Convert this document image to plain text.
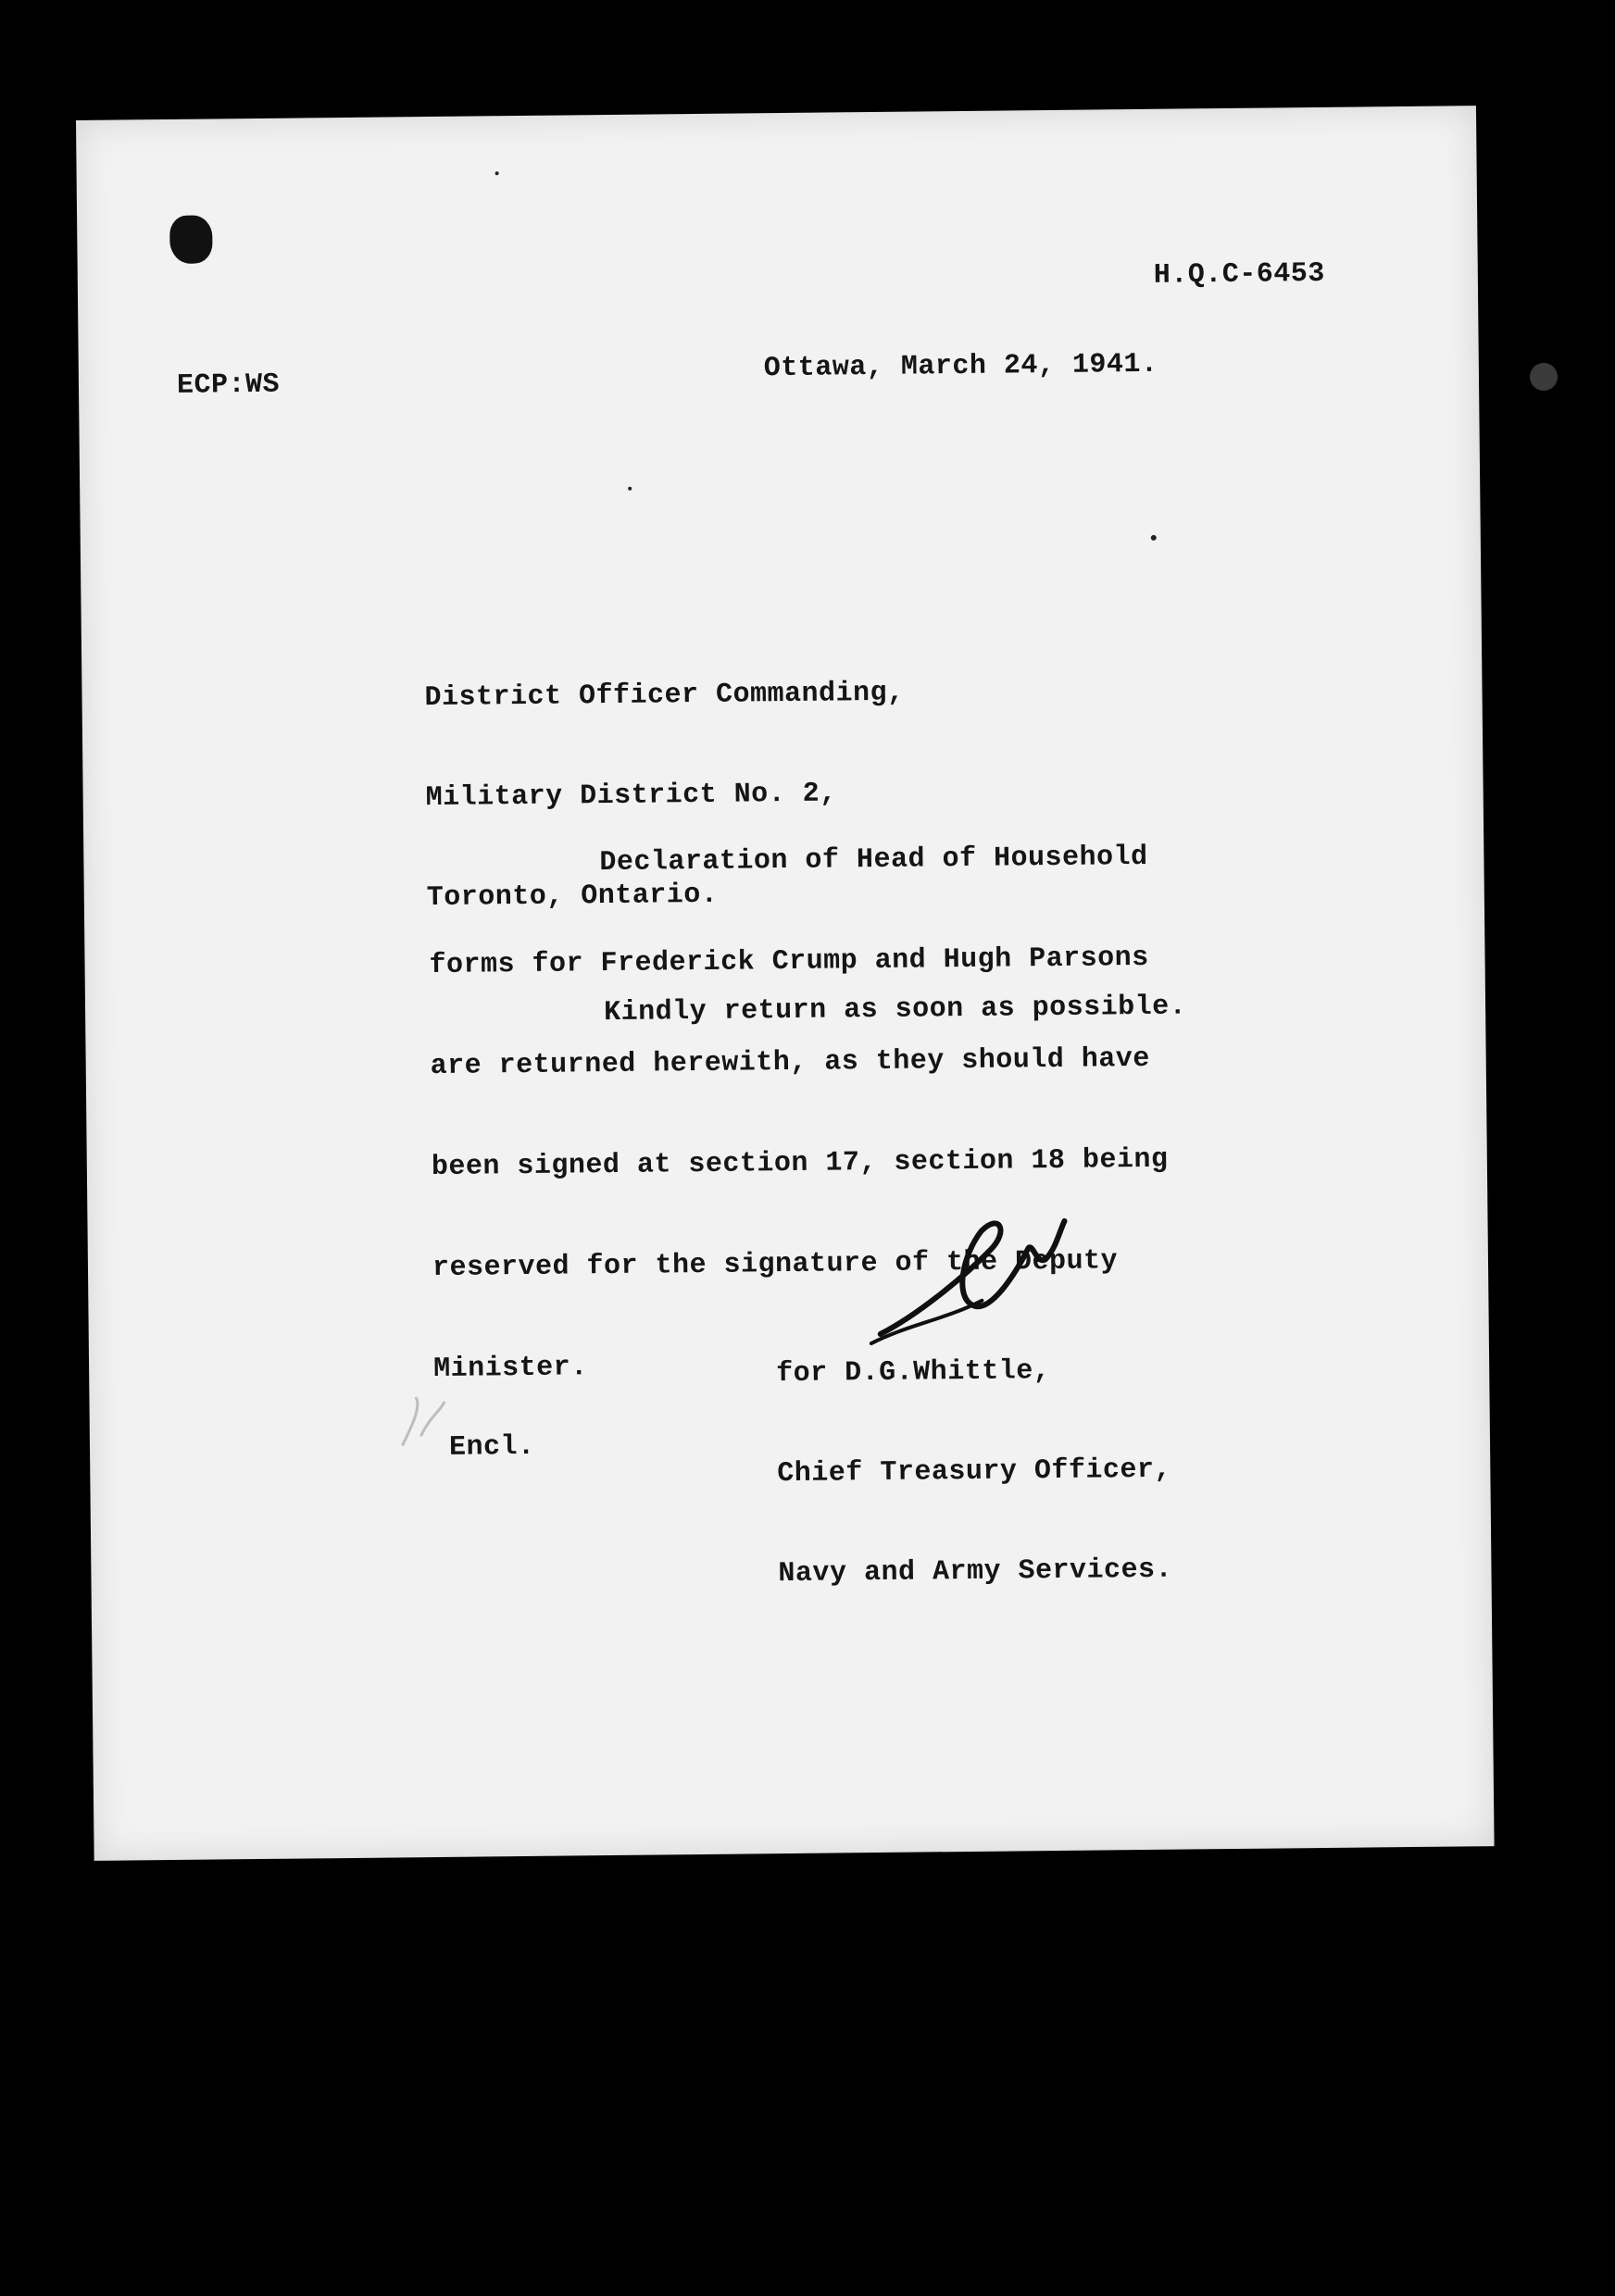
H.Q.C-6453
ECP:WS
Ottawa, March 24, 1941.

District Officer Commanding,

Military District No. 2,

Toronto, Ontario.

Declaration of Head of Household

forms for Frederick Crump and Hugh Parsons

are returned herewith, as they should have

been signed at section 17, section 18 being

reserved for the signature of the Deputy

Minister.

Kindly return as soon as possible.

for D.G.Whittle,

Chief Treasury Officer,

Navy and Army Services.

Encl.
